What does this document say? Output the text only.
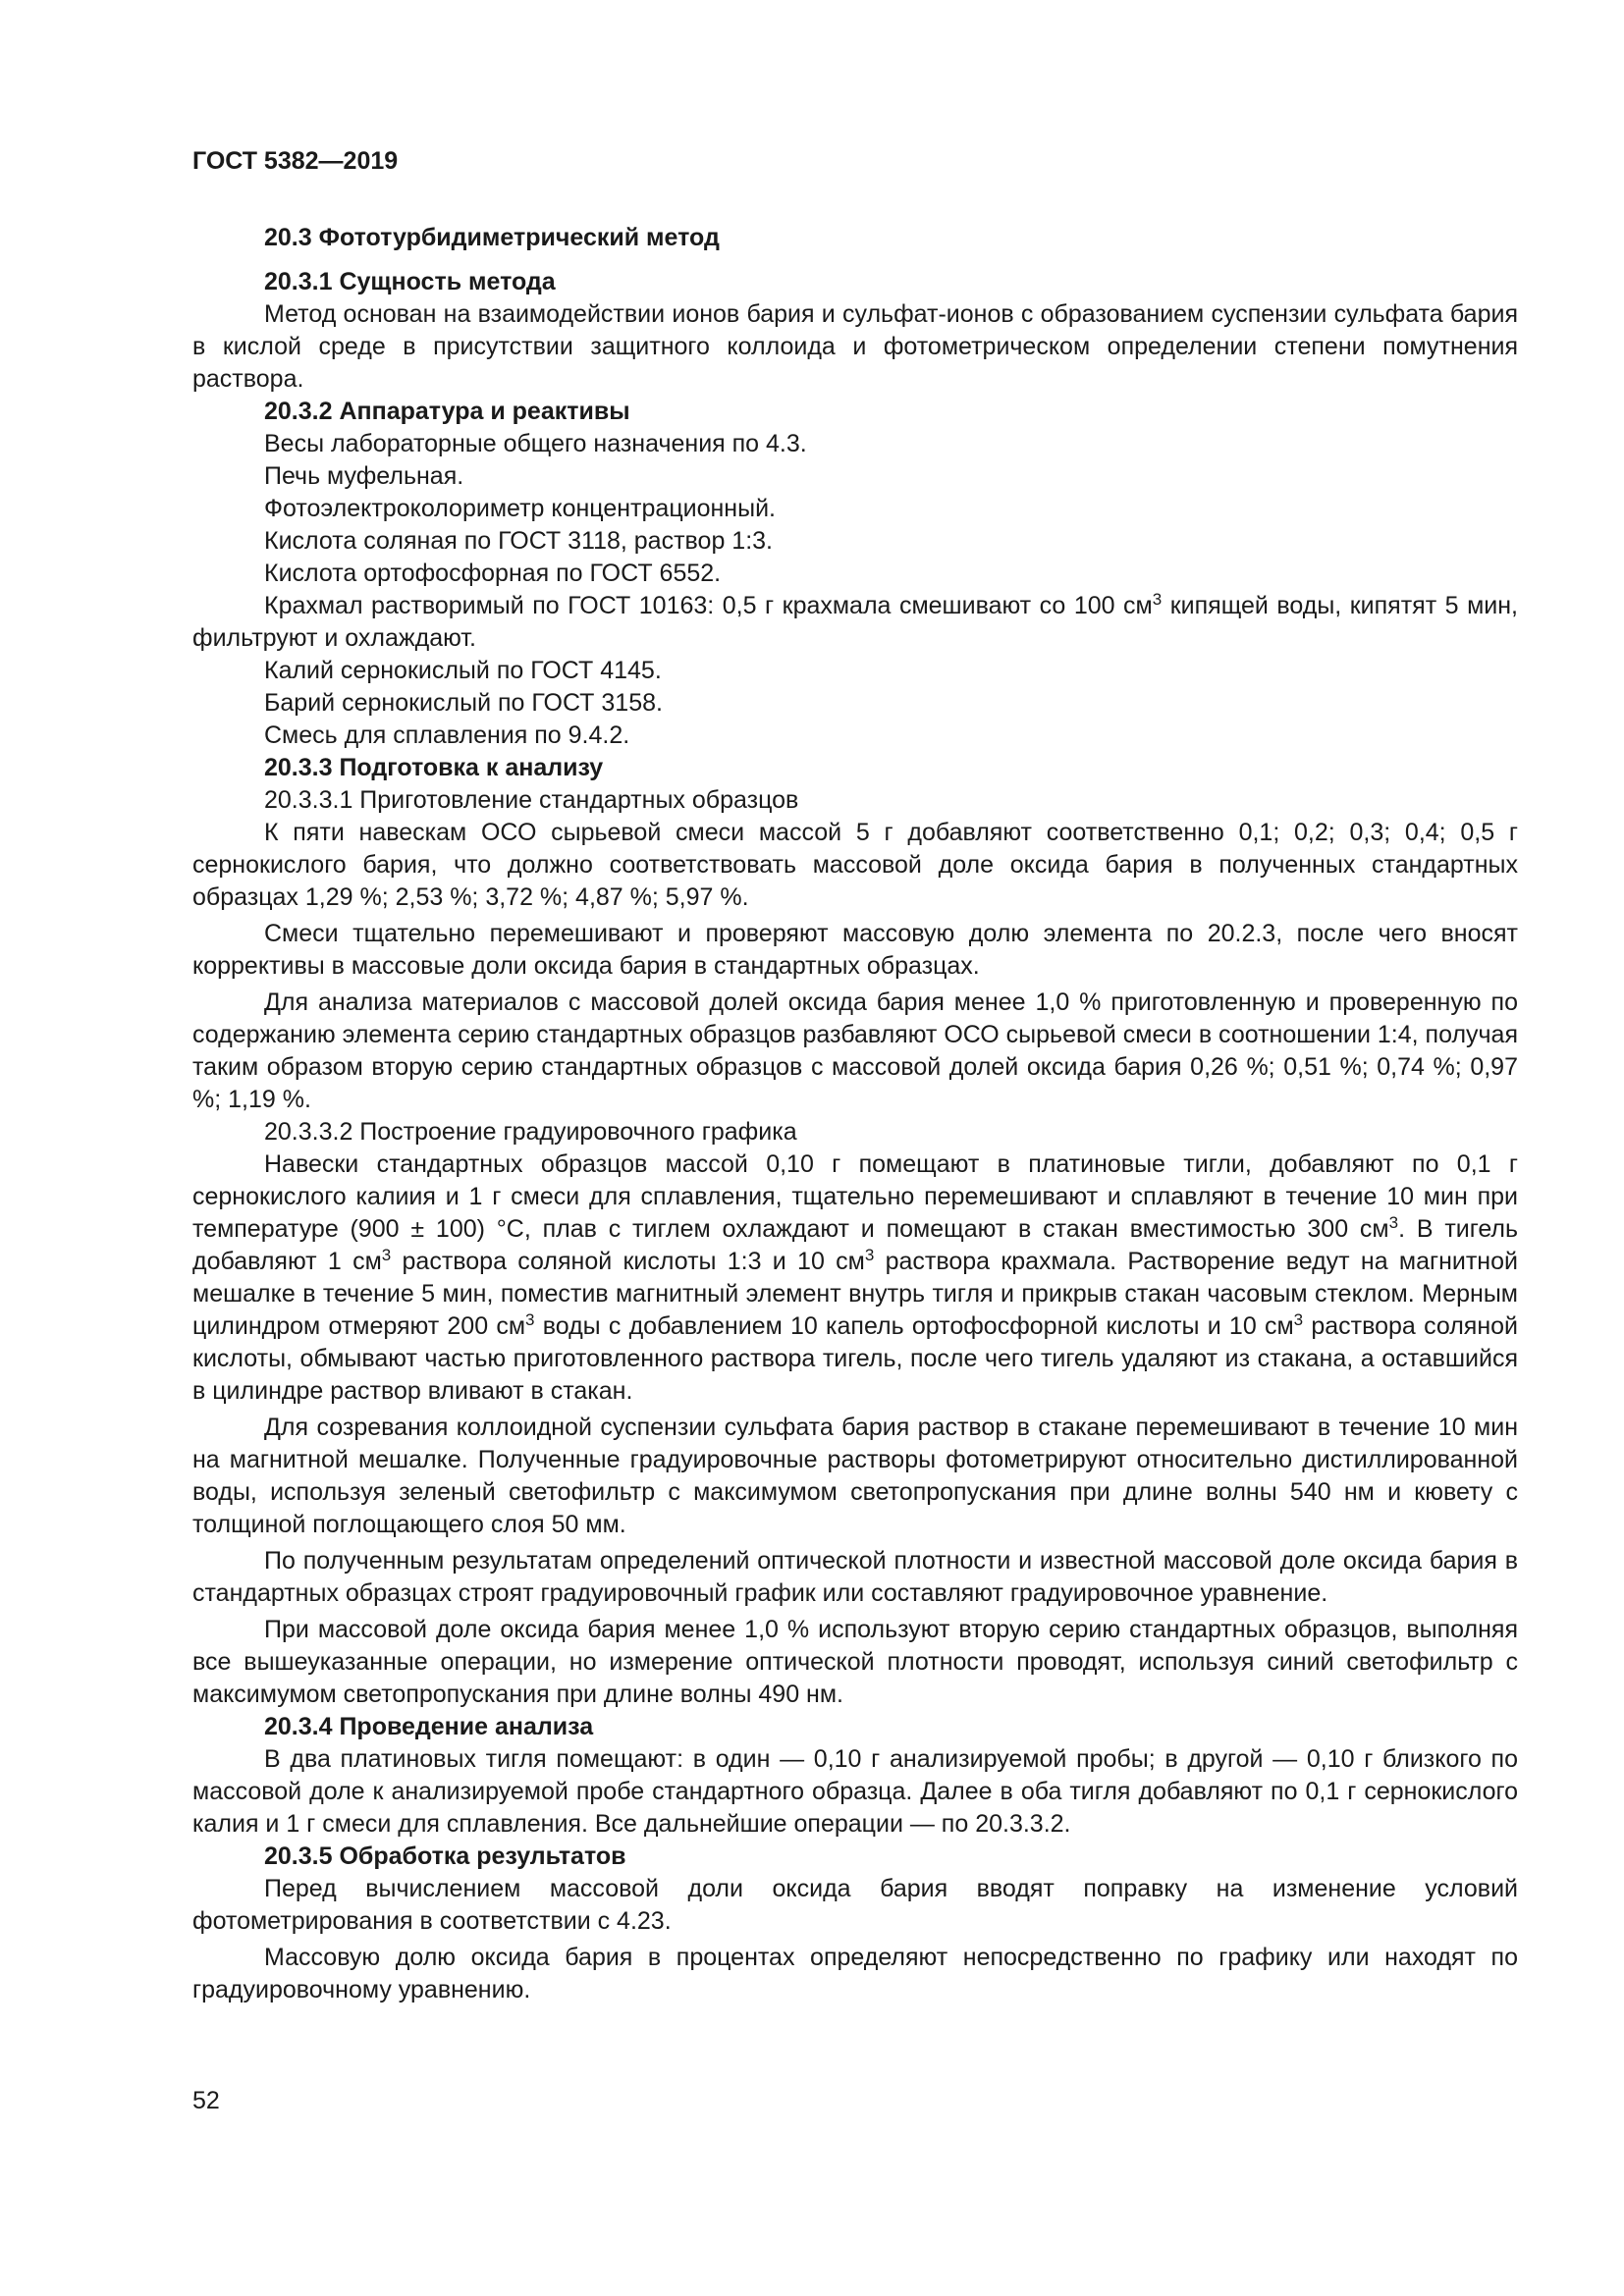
ГОСТ 5382—2019

20.3 Фототурбидиметрический метод

20.3.1 Сущность метода

Метод основан на взаимодействии ионов бария и сульфат-ионов с образованием суспензии сульфата бария в кислой среде в присутствии защитного коллоида и фотометрическом определении степени помутнения раствора.

20.3.2 Аппаратура и реактивы

Весы лабораторные общего назначения по 4.3.

Печь муфельная.

Фотоэлектроколориметр концентрационный.

Кислота соляная по ГОСТ 3118, раствор 1:3.

Кислота ортофосфорная по ГОСТ 6552.

Крахмал растворимый по ГОСТ 10163: 0,5 г крахмала смешивают со 100 $см^3$ кипящей воды, кипятят 5 мин, фильтруют и охлаждают.

Калий сернокислый по ГОСТ 4145.

Барий сернокислый по ГОСТ 3158.

Смесь для сплавления по 9.4.2.

20.3.3 Подготовка к анализу

20.3.3.1 Приготовление стандартных образцов

К пяти навескам ОСО сырьевой смеси массой 5 г добавляют соответственно 0,1; 0,2; 0,3; 0,4; 0,5 г сернокислого бария, что должно соответствовать массовой доле оксида бария в полученных стандартных образцах 1,29 %; 2,53 %; 3,72 %; 4,87 %; 5,97 %.

Смеси тщательно перемешивают и проверяют массовую долю элемента по 20.2.3, после чего вносят коррективы в массовые доли оксида бария в стандартных образцах.

Для анализа материалов с массовой долей оксида бария менее 1,0 % приготовленную и проверенную по содержанию элемента серию стандартных образцов разбавляют ОСО сырьевой смеси в соотношении 1:4, получая таким образом вторую серию стандартных образцов с массовой долей оксида бария 0,26 %; 0,51 %; 0,74 %; 0,97 %; 1,19 %.

20.3.3.2 Построение градуировочного графика

Навески стандартных образцов массой 0,10 г помещают в платиновые тигли, добавляют по 0,1 г сернокислого калиия и 1 г смеси для сплавления, тщательно перемешивают и сплавляют в течение 10 мин при температуре (900 ± 100) °C, плав с тиглем охлаждают и помещают в стакан вместимостью 300 $см^3$. В тигель добавляют 1 $см^3$ раствора соляной кислоты 1:3 и 10 $см^3$ раствора крахмала. Растворение ведут на магнитной мешалке в течение 5 мин, поместив магнитный элемент внутрь тигля и прикрыв стакан часовым стеклом. Мерным цилиндром отмеряют 200 $см^3$ воды с добавлением 10 капель ортофосфорной кислоты и 10 $см^3$ раствора соляной кислоты, обмывают частью приготовленного раствора тигель, после чего тигель удаляют из стакана, а оставшийся в цилиндре раствор вливают в стакан.

Для созревания коллоидной суспензии сульфата бария раствор в стакане перемешивают в течение 10 мин на магнитной мешалке. Полученные градуировочные растворы фотометрируют относительно дистиллированной воды, используя зеленый светофильтр с максимумом светопропускания при длине волны 540 нм и кювету с толщиной поглощающего слоя 50 мм.

По полученным результатам определений оптической плотности и известной массовой доле оксида бария в стандартных образцах строят градуировочный график или составляют градуировочное уравнение.

При массовой доле оксида бария менее 1,0 % используют вторую серию стандартных образцов, выполняя все вышеуказанные операции, но измерение оптической плотности проводят, используя синий светофильтр с максимумом светопропускания при длине волны 490 нм.

20.3.4 Проведение анализа

В два платиновых тигля помещают: в один — 0,10 г анализируемой пробы; в другой — 0,10 г близкого по массовой доле к анализируемой пробе стандартного образца. Далее в оба тигля добавляют по 0,1 г сернокислого калия и 1 г смеси для сплавления. Все дальнейшие операции — по 20.3.3.2.

20.3.5 Обработка результатов

Перед вычислением массовой доли оксида бария вводят поправку на изменение условий фотометрирования в соответствии с 4.23.

Массовую долю оксида бария в процентах определяют непосредственно по графику или находят по градуировочному уравнению.

52
